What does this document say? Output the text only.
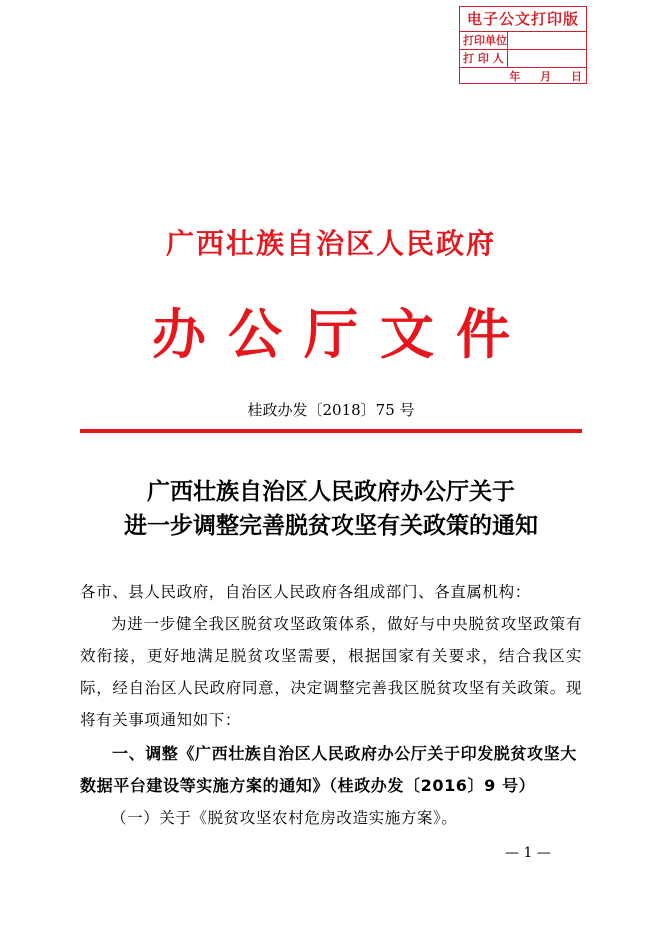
电子公文打印版
打印单位
打 印 人
年 月 日
广西壮族自治区人民政府
办公厅文件
桂政办发〔2018〕75 号
广西壮族自治区人民政府办公厅关于
进一步调整完善脱贫攻坚有关政策的通知
各市、县人民政府，自治区人民政府各组成部门、各直属机构：
为进一步健全我区脱贫攻坚政策体系，做好与中央脱贫攻坚政策有效衔接，更好地满足脱贫攻坚需要，根据国家有关要求，结合我区实际，经自治区人民政府同意，决定调整完善我区脱贫攻坚有关政策。现将有关事项通知如下：
一、调整《广西壮族自治区人民政府办公厅关于印发脱贫攻坚大数据平台建设等实施方案的通知》（桂政办发〔2016〕9 号）
（一）关于《脱贫攻坚农村危房改造实施方案》。
— 1 —
